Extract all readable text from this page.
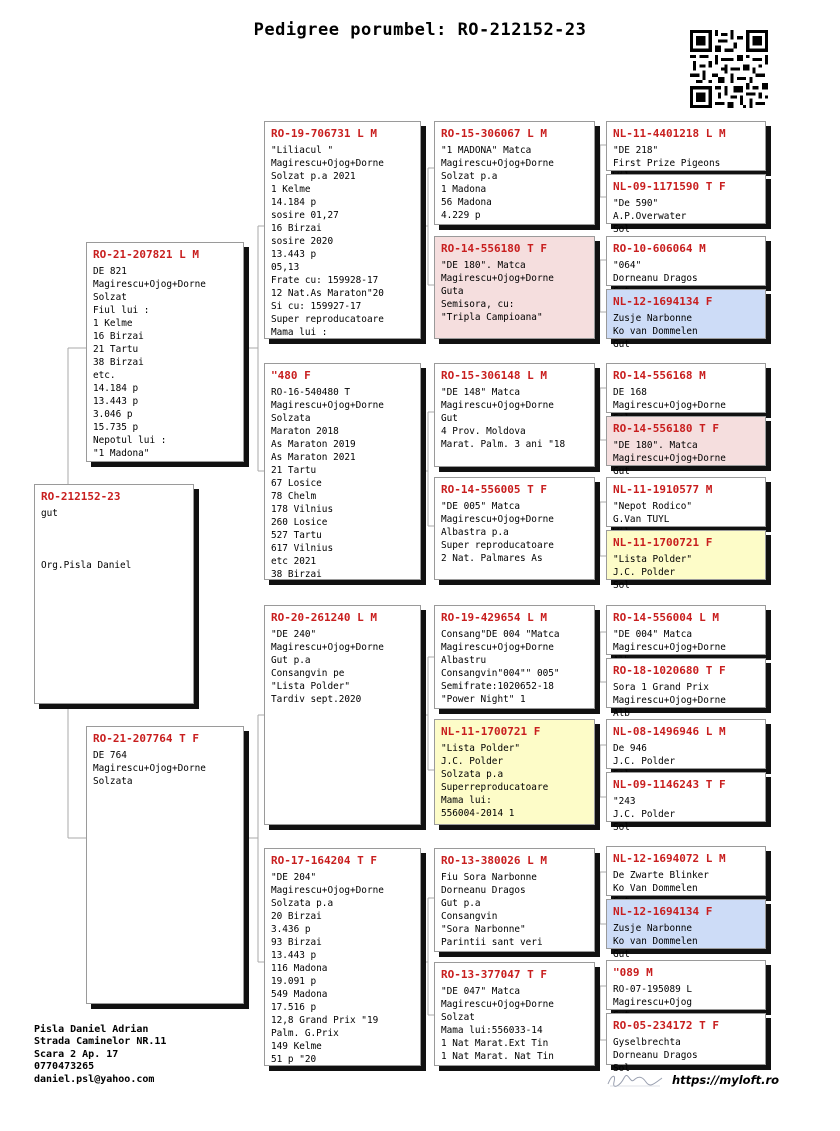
Pedigree porumbel: RO-212152-23
RO-212152-23
gut

Org.Pisla Daniel
RO-21-207821 L M
DE 821
Magirescu+Ojog+Dorne
Solzat
Fiul lui :
1 Kelme
16 Birzai
21 Tartu
38 Birzai
etc.
14.184 p
13.443 p
3.046 p
15.735 p
Nepotul lui :
"1 Madona"
RO-21-207764 T F
DE 764
Magirescu+Ojog+Dorne
Solzata
RO-19-706731 L M
"Liliacul "
Magirescu+Ojog+Dorne
Solzat p.a 2021
1 Kelme
14.184 p
sosire 01,27
16 Birzai
sosire 2020
13.443 p
05,13
Frate cu: 159928-17
12 Nat.As Maraton"20
Si cu: 159927-17
Super reproducatoare
Mama lui :
"480 F
RO-16-540480 T
Magirescu+Ojog+Dorne
Solzata
Maraton 2018
As Maraton 2019
As Maraton 2021
21 Tartu
67 Losice
78 Chelm
178 Vilnius
260 Losice
527 Tartu
617 Vilnius
etc 2021
38 Birzai
RO-20-261240 L M
"DE 240"
Magirescu+Ojog+Dorne
Gut p.a
Consangvin pe
"Lista Polder"
Tardiv sept.2020
RO-17-164204 T F
"DE 204"
Magirescu+Ojog+Dorne
Solzata p.a
20 Birzai
3.436 p
93 Birzai
13.443 p
116 Madona
19.091 p
549 Madona
17.516 p
12,8 Grand Prix "19
Palm. G.Prix
149 Kelme
51 p "20
RO-15-306067 L M
"1 MADONA" Matca
Magirescu+Ojog+Dorne
Solzat p.a
1 Madona
56 Madona
4.229 p
RO-14-556180 T F
"DE 180". Matca
Magirescu+Ojog+Dorne
Guta
Semisora, cu:
"Tripla Campioana"
RO-15-306148 L M
"DE 148" Matca
Magirescu+Ojog+Dorne
Gut
4 Prov. Moldova
Marat. Palm. 3 ani "18
RO-14-556005 T F
"DE 005" Matca
Magirescu+Ojog+Dorne
Albastra p.a
Super reproducatoare
2 Nat. Palmares As
RO-19-429654 L M
Consang"DE 004 "Matca
Magirescu+Ojog+Dorne
Albastru
Consangvin"004"" 005"
Semifrate:1020652-18
"Power Night" 1
NL-11-1700721 F
"Lista Polder"
J.C. Polder
Solzata p.a
Superreproducatoare
Mama lui:
556004-2014 1
RO-13-380026 L M
Fiu Sora Narbonne
Dorneanu Dragos
Gut p.a
Consangvin
"Sora Narbonne"
Parintii sant veri
RO-13-377047 T F
"DE 047" Matca
Magirescu+Ojog+Dorne
Solzat
Mama lui:556033-14
1 Nat Marat.Ext Tin
1 Nat Marat. Nat Tin
NL-11-4401218 L M
"DE 218"
First Prize Pigeons

NL-09-1171590 T F
"De 590"
A.P.Overwater
Sol
RO-10-606064 M
"064"
Dorneanu Dragos

NL-12-1694134 F
Zusje Narbonne
Ko van Dommelen
Gut
RO-14-556168 M
DE 168
Magirescu+Ojog+Dorne

RO-14-556180 T F
"DE 180". Matca
Magirescu+Ojog+Dorne
Gut
NL-11-1910577 M
"Nepot Rodico"
G.Van TUYL

NL-11-1700721 F
"Lista Polder"
J.C. Polder
Sol
RO-14-556004 L M
"DE 004" Matca
Magirescu+Ojog+Dorne

RO-18-1020680 T F
Sora 1 Grand Prix
Magirescu+Ojog+Dorne
Alb
NL-08-1496946 L M
De 946
J.C. Polder

NL-09-1146243 T F
"243
J.C. Polder
Sol
NL-12-1694072 L M
De Zwarte Blinker
Ko Van Dommelen

NL-12-1694134 F
Zusje Narbonne
Ko van Dommelen
Gut
"089 M
RO-07-195089 L
Magirescu+Ojog

RO-05-234172 T F
Gyselbrechta
Dorneanu Dragos
Sol
Pisla Daniel Adrian
Strada Caminelor NR.11
Scara 2 Ap. 17
0770473265
daniel.psl@yahoo.com	https://myloft.ro
